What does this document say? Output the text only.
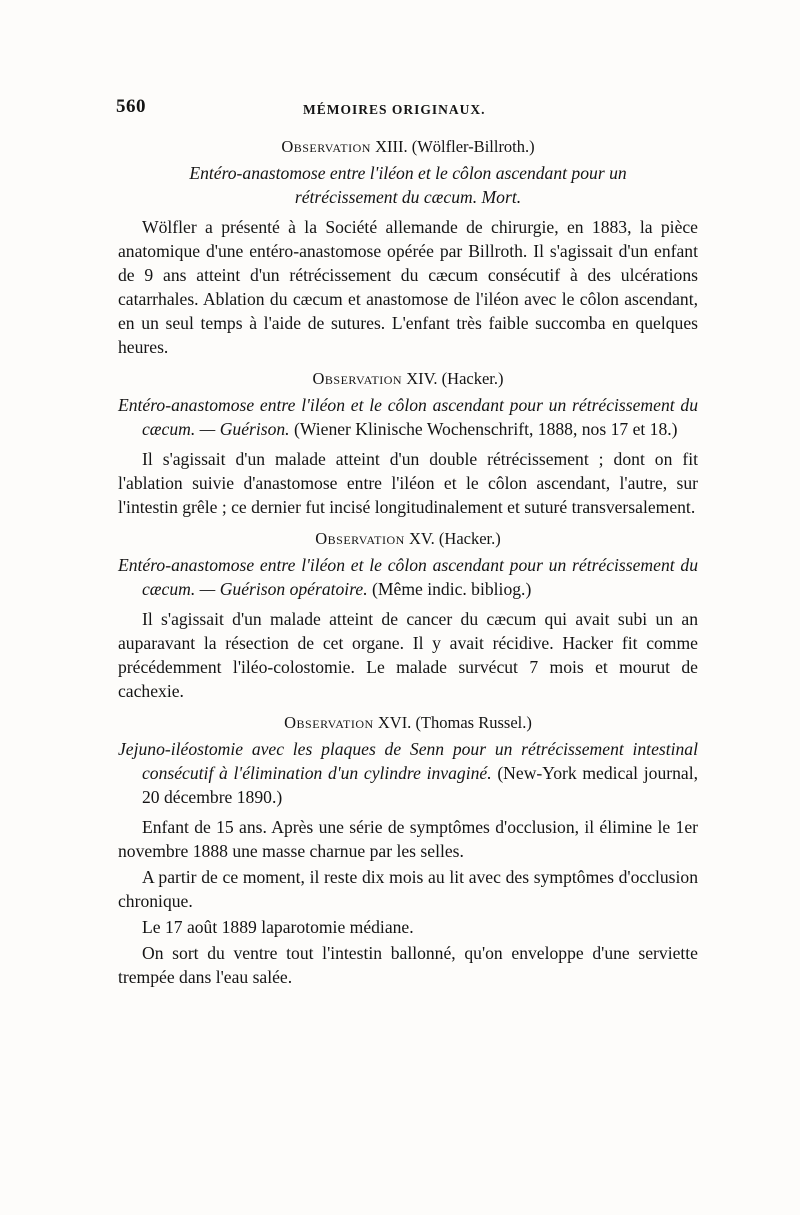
560	MÉMOIRES ORIGINAUX.
Observation XIII. (Wölfler-Billroth.)
Entéro-anastomose entre l'iléon et le côlon ascendant pour un rétrécissement du cæcum. Mort.

Wölfler a présenté à la Société allemande de chirurgie, en 1883, la pièce anatomique d'une entéro-anastomose opérée par Billroth. Il s'agissait d'un enfant de 9 ans atteint d'un rétrécissement du cæcum consécutif à des ulcérations catarrhales. Ablation du cæcum et anastomose de l'iléon avec le côlon ascendant, en un seul temps à l'aide de sutures. L'enfant très faible succomba en quelques heures.

Observation XIV. (Hacker.)
Entéro-anastomose entre l'iléon et le côlon ascendant pour un rétrécissement du cæcum. — Guérison. (Wiener Klinische Wochenschrift, 1888, nos 17 et 18.)

Il s'agissait d'un malade atteint d'un double rétrécissement ; dont on fit l'ablation suivie d'anastomose entre l'iléon et le côlon ascendant, l'autre, sur l'intestin grêle ; ce dernier fut incisé longitudinalement et suturé transversalement.

Observation XV. (Hacker.)
Entéro-anastomose entre l'iléon et le côlon ascendant pour un rétrécissement du cæcum. — Guérison opératoire. (Même indic. bibliog.)

Il s'agissait d'un malade atteint de cancer du cæcum qui avait subi un an auparavant la résection de cet organe. Il y avait récidive. Hacker fit comme précédemment l'iléo-colostomie. Le malade survécut 7 mois et mourut de cachexie.

Observation XVI. (Thomas Russel.)
Jejuno-iléostomie avec les plaques de Senn pour un rétrécissement intestinal consécutif à l'élimination d'un cylindre invaginé. (New-York medical journal, 20 décembre 1890.)

Enfant de 15 ans. Après une série de symptômes d'occlusion, il élimine le 1er novembre 1888 une masse charnue par les selles.

A partir de ce moment, il reste dix mois au lit avec des symptômes d'occlusion chronique.

Le 17 août 1889 laparotomie médiane.

On sort du ventre tout l'intestin ballonné, qu'on enveloppe d'une serviette trempée dans l'eau salée.
